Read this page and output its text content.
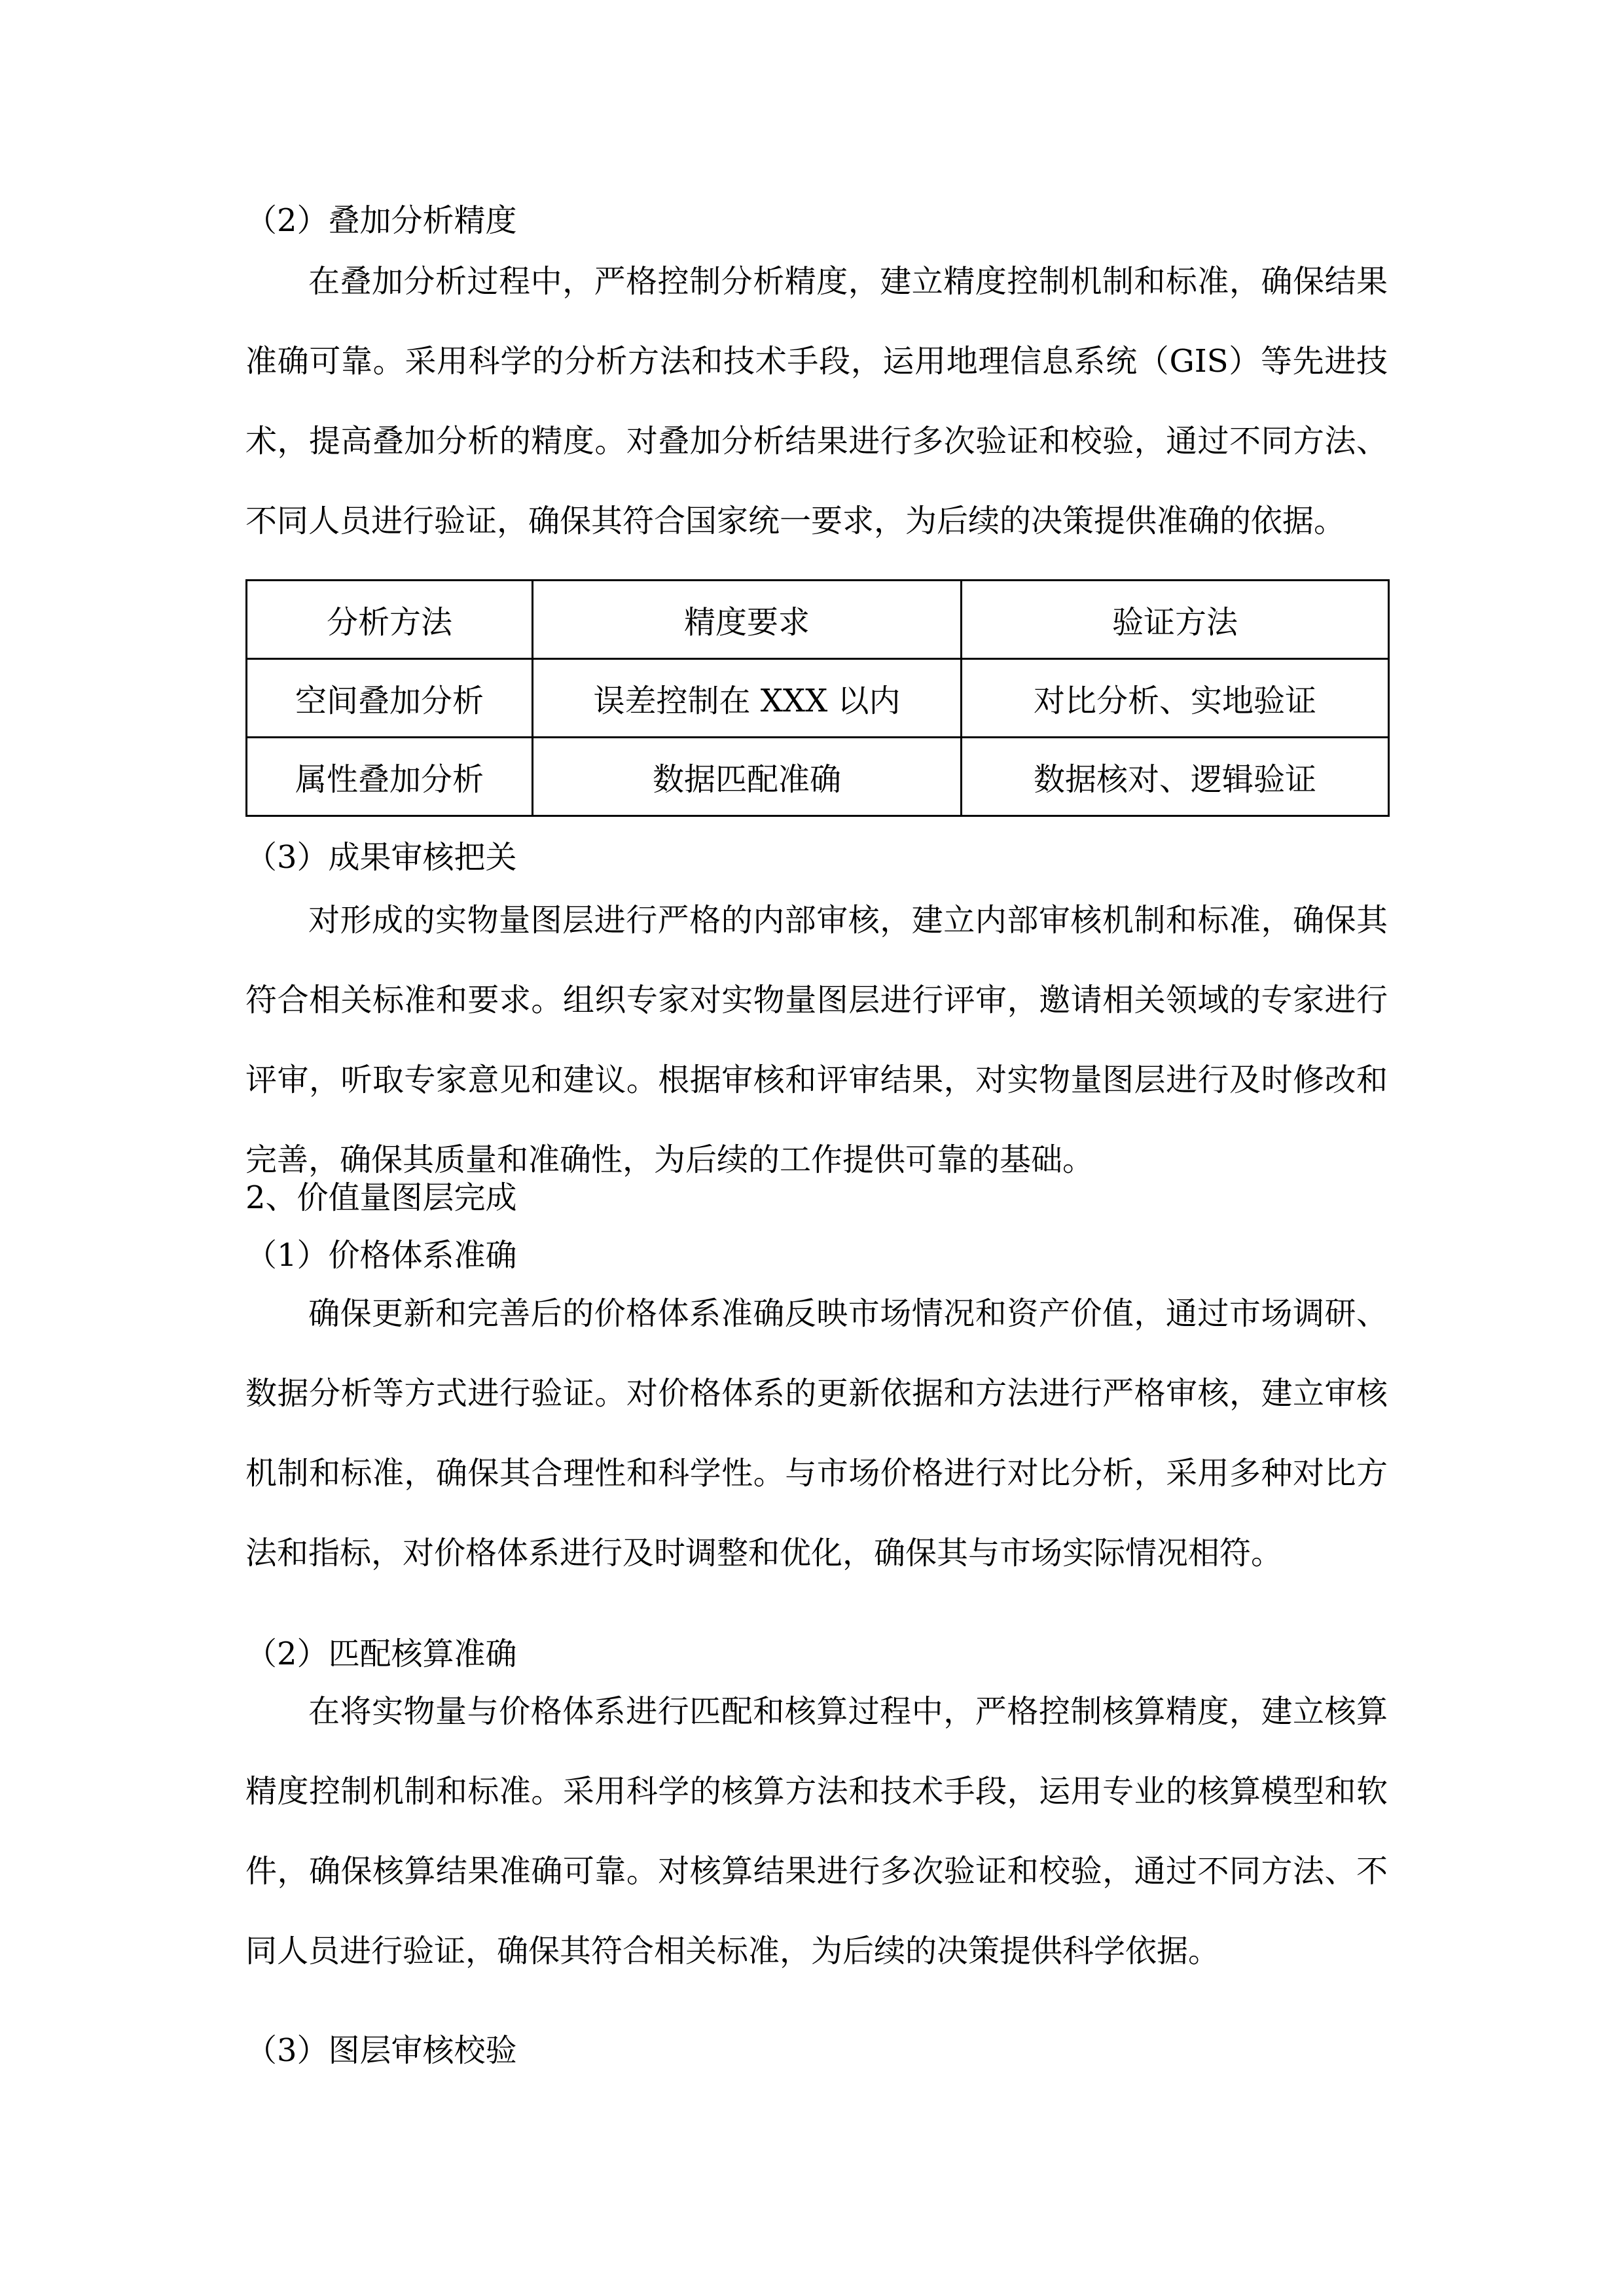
（2）叠加分析精度

在叠加分析过程中，严格控制分析精度，建立精度控制机制和标准，确保结果准确可靠。采用科学的分析方法和技术手段，运用地理信息系统（GIS）等先进技术，提高叠加分析的精度。对叠加分析结果进行多次验证和校验，通过不同方法、不同人员进行验证，确保其符合国家统一要求，为后续的决策提供准确的依据。

分析方法	精度要求	验证方法
空间叠加分析	误差控制在 XXX 以内	对比分析、实地验证
属性叠加分析	数据匹配准确	数据核对、逻辑验证

（3）成果审核把关

对形成的实物量图层进行严格的内部审核，建立内部审核机制和标准，确保其符合相关标准和要求。组织专家对实物量图层进行评审，邀请相关领域的专家进行评审，听取专家意见和建议。根据审核和评审结果，对实物量图层进行及时修改和完善，确保其质量和准确性，为后续的工作提供可靠的基础。

2、价值量图层完成

（1）价格体系准确

确保更新和完善后的价格体系准确反映市场情况和资产价值，通过市场调研、数据分析等方式进行验证。对价格体系的更新依据和方法进行严格审核，建立审核机制和标准，确保其合理性和科学性。与市场价格进行对比分析，采用多种对比方法和指标，对价格体系进行及时调整和优化，确保其与市场实际情况相符。

（2）匹配核算准确

在将实物量与价格体系进行匹配和核算过程中，严格控制核算精度，建立核算精度控制机制和标准。采用科学的核算方法和技术手段，运用专业的核算模型和软件，确保核算结果准确可靠。对核算结果进行多次验证和校验，通过不同方法、不同人员进行验证，确保其符合相关标准，为后续的决策提供科学依据。

（3）图层审核校验
